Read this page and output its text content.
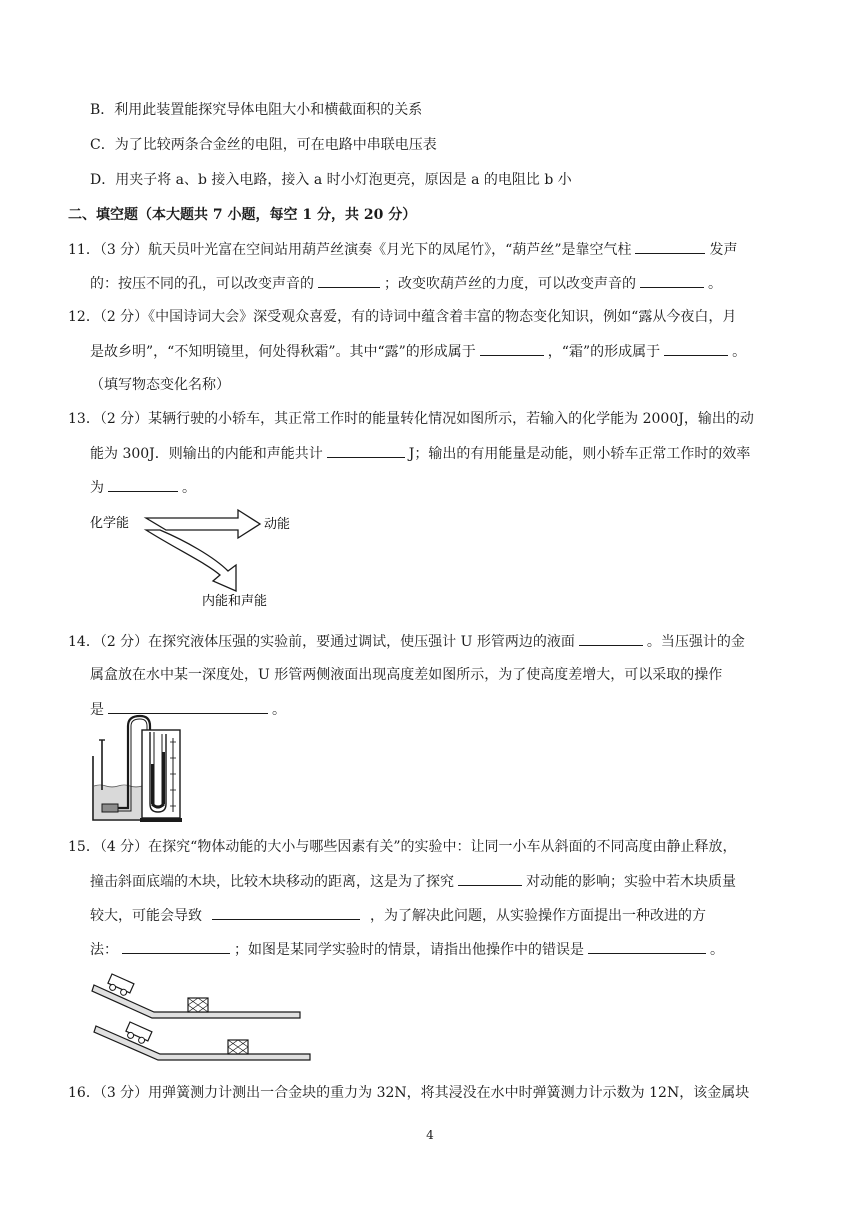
B．利用此装置能探究导体电阻大小和横截面积的关系
C．为了比较两条合金丝的电阻，可在电路中串联电压表
D．用夹子将 a、b 接入电路，接入 a 时小灯泡更亮，原因是 a 的电阻比 b 小
二、填空题（本大题共 7 小题，每空 1 分，共 20 分）
11．（3 分）航天员叶光富在空间站用葫芦丝演奏《月光下的凤尾竹》，“葫芦丝”是靠空气柱	发声
的：按压不同的孔，可以改变声音的	；改变吹葫芦丝的力度，可以改变声音的	。
12．（2 分）《中国诗词大会》深受观众喜爱，有的诗词中蕴含着丰富的物态变化知识，例如“露从今夜白，月
是故乡明”，“不知明镜里，何处得秋霜”。其中“露”的形成属于	，“霜”的形成属于	。
（填写物态变化名称）
13．（2 分）某辆行驶的小轿车，其正常工作时的能量转化情况如图所示，若输入的化学能为 2000J，输出的动
能为 300J．则输出的内能和声能共计	J；输出的有用能量是动能，则小轿车正常工作时的效率
为	。
化学能	动能
内能和声能
14．（2 分）在探究液体压强的实验前，要通过调试，使压强计 U 形管两边的液面	。当压强计的金
属盒放在水中某一深度处，U 形管两侧液面出现高度差如图所示，为了使高度差增大，可以采取的操作
是	。
15．（4 分）在探究“物体动能的大小与哪些因素有关”的实验中：让同一小车从斜面的不同高度由静止释放，
撞击斜面底端的木块，比较木块移动的距离，这是为了探究	对动能的影响；实验中若木块质量
较大，可能会导致	，为了解决此问题，从实验操作方面提出一种改进的方
法：	；如图是某同学实验时的情景，请指出他操作中的错误是	。
16．（3 分）用弹簧测力计测出一合金块的重力为 32N，将其浸没在水中时弹簧测力计示数为 12N，该金属块
4
